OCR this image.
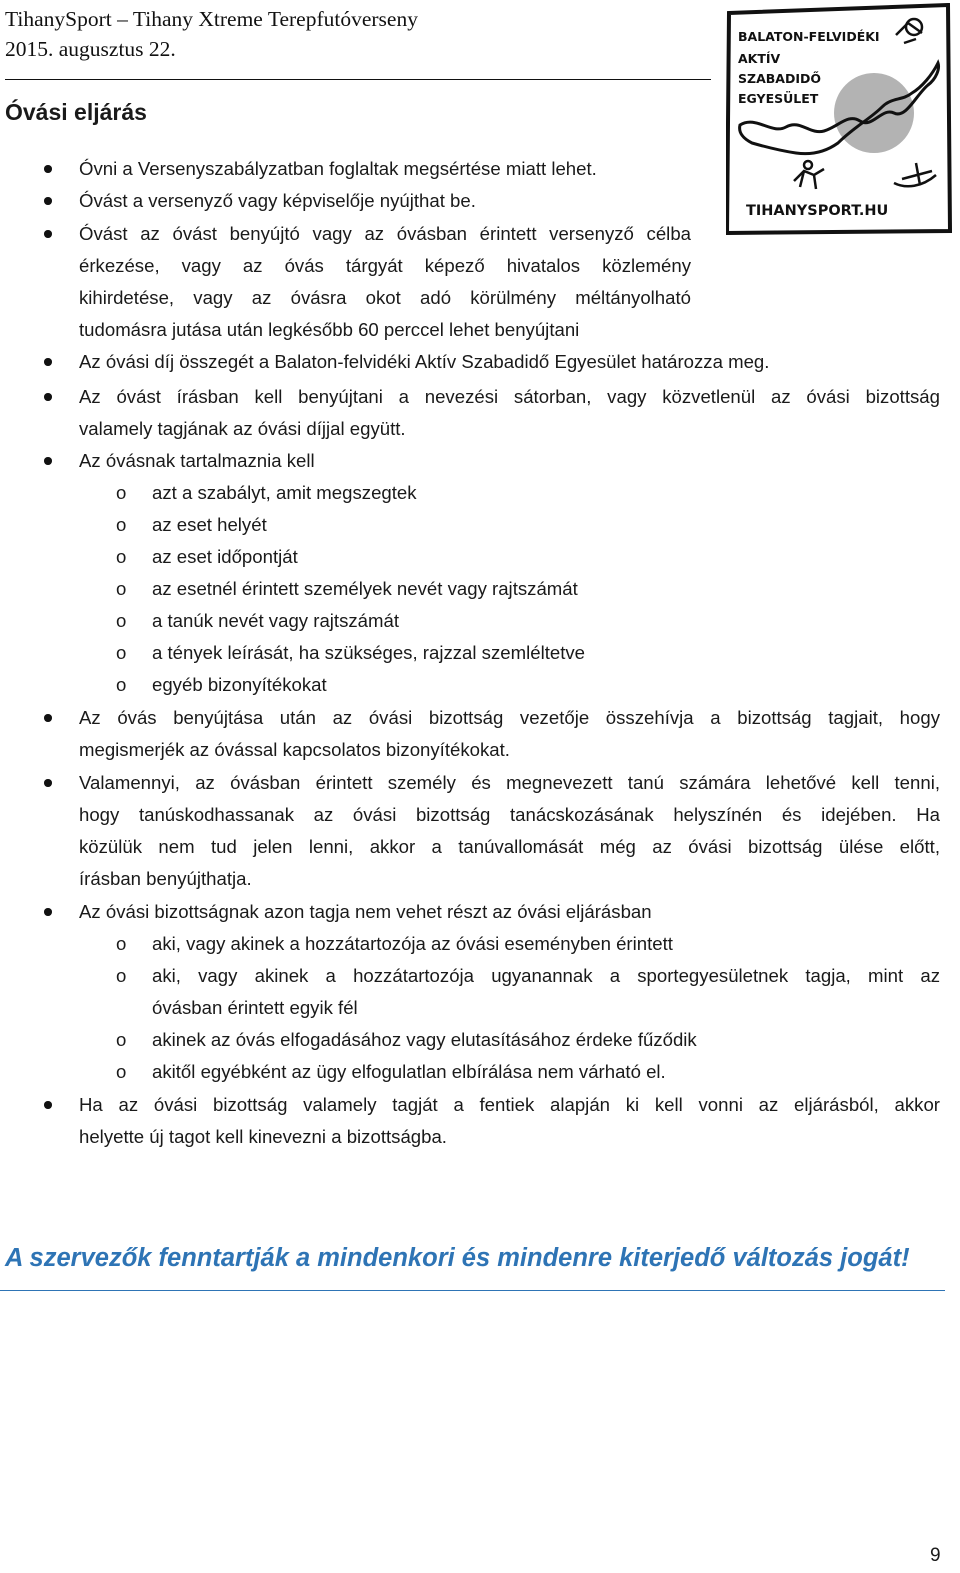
TihanySport – Tihany Xtreme Terepfutóverseny
2015. augusztus 22.
BALATON-FELVIDÉKI
AKTÍV
SZABADIDŐ
EGYESÜLET
TIHANYSPORT.HU
Óvási eljárás
Óvni a Versenyszabályzatban foglaltak megsértése miatt lehet.
Óvást a versenyző vagy képviselője nyújthat be.
Óvást az óvást benyújtó vagy az óvásban érintett versenyző célba
érkezése, vagy az óvás tárgyát képező hivatalos közlemény
kihirdetése, vagy az óvásra okot adó körülmény méltányolható
tudomásra jutása után legkésőbb 60 perccel lehet benyújtani
Az óvási díj összegét a Balaton-felvidéki Aktív Szabadidő Egyesület határozza meg.
Az óvást írásban kell benyújtani a nevezési sátorban, vagy közvetlenül az óvási bizottság
valamely tagjának az óvási díjjal együtt.
Az óvásnak tartalmaznia kell
o azt a szabályt, amit megszegtek
o az eset helyét
o az eset időpontját
o az esetnél érintett személyek nevét vagy rajtszámát
o a tanúk nevét vagy rajtszámát
o a tények leírását, ha szükséges, rajzzal szemléltetve
o egyéb bizonyítékokat
Az óvás benyújtása után az óvási bizottság vezetője összehívja a bizottság tagjait, hogy
megismerjék az óvással kapcsolatos bizonyítékokat.
Valamennyi, az óvásban érintett személy és megnevezett tanú számára lehetővé kell tenni,
hogy tanúskodhassanak az óvási bizottság tanácskozásának helyszínén és idejében. Ha
közülük nem tud jelen lenni, akkor a tanúvallomását még az óvási bizottság ülése előtt,
írásban benyújthatja.
Az óvási bizottságnak azon tagja nem vehet részt az óvási eljárásban
o aki, vagy akinek a hozzátartozója az óvási eseményben érintett
o aki, vagy akinek a hozzátartozója ugyanannak a sportegyesületnek tagja, mint az
óvásban érintett egyik fél
o akinek az óvás elfogadásához vagy elutasításához érdeke fűződik
o akitől egyébként az ügy elfogulatlan elbírálása nem várható el.
Ha az óvási bizottság valamely tagját a fentiek alapján ki kell vonni az eljárásból, akkor
helyette új tagot kell kinevezni a bizottságba.
A szervezők fenntartják a mindenkori és mindenre kiterjedő változás jogát!
9
